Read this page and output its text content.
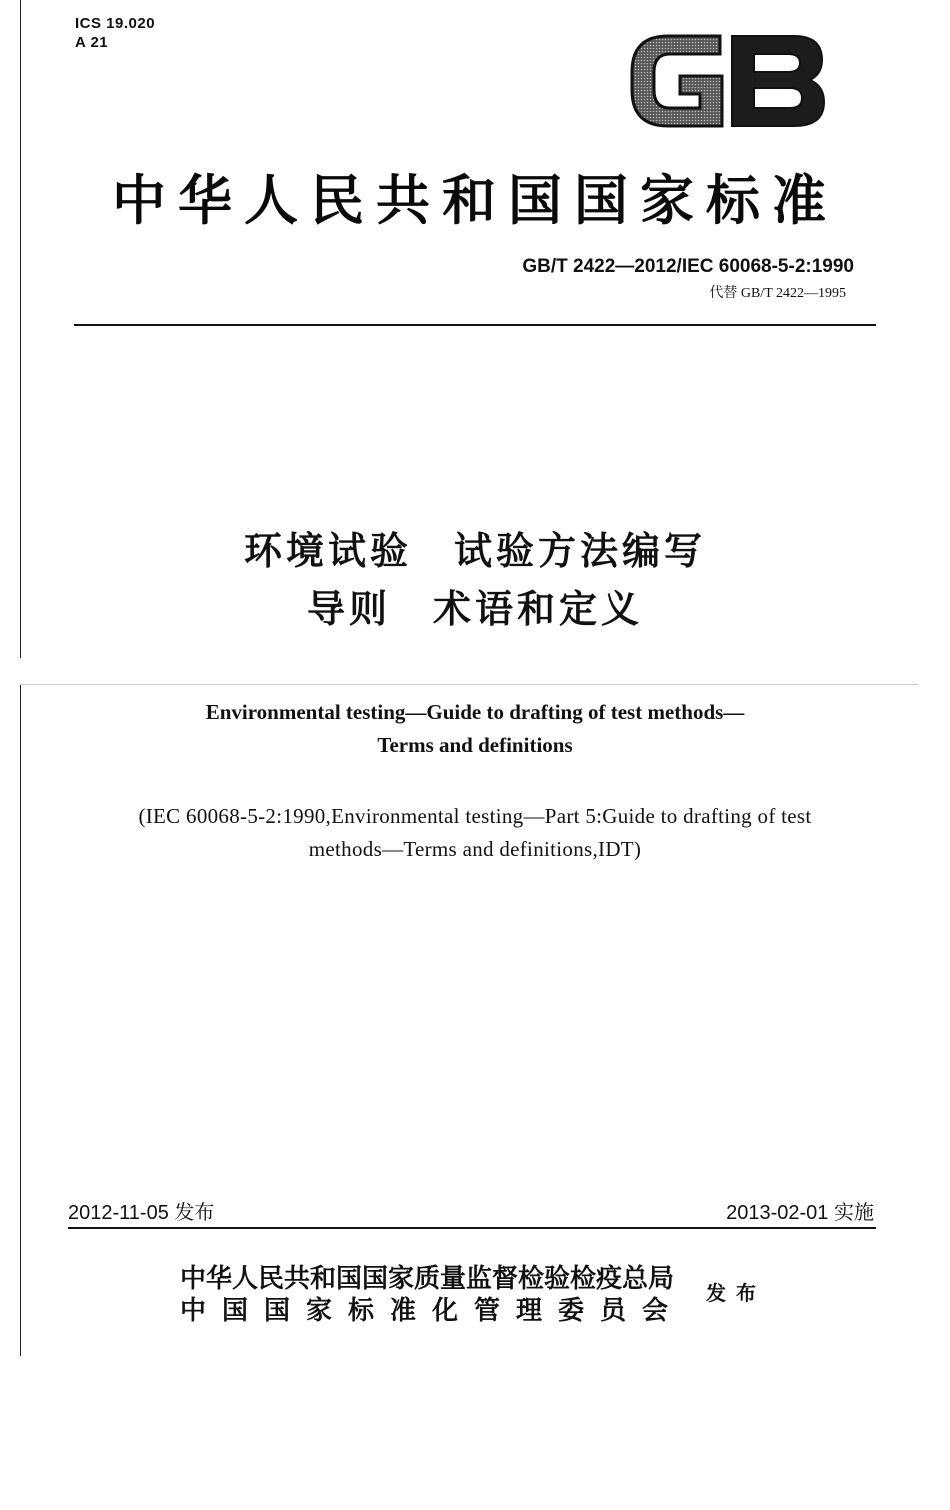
ICS 19.020
A 21
GB
中华人民共和国国家标准
GB/T 2422—2012/IEC 60068-5-2:1990
代替 GB/T 2422—1995
环境试验　试验方法编写
导则　术语和定义
Environmental testing—Guide to drafting of test methods—
Terms and definitions
(IEC 60068-5-2:1990,Environmental testing—Part 5:Guide to drafting of test
methods—Terms and definitions,IDT)
2012-11-05 发布	2013-02-01 实施
中华人民共和国国家质量监督检验检疫总局
中国国家标准化管理委员会
发布
